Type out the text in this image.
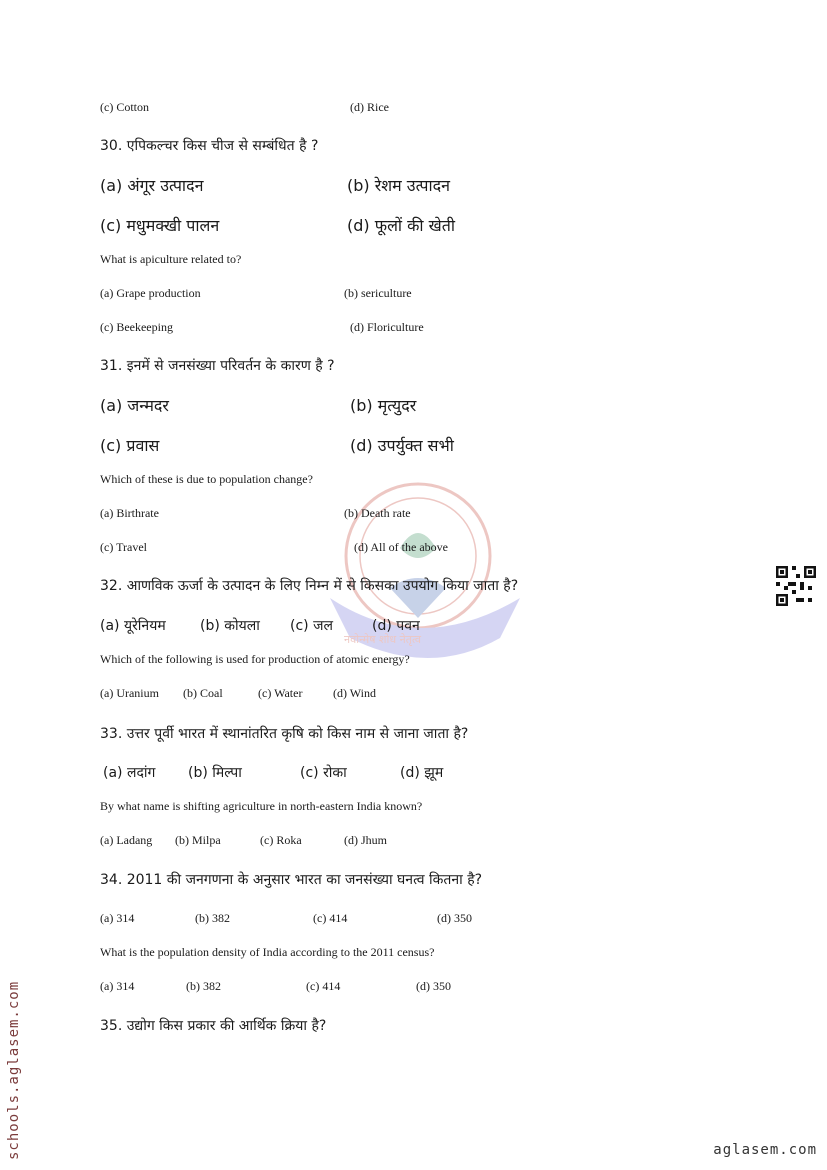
नवोन्मेष शोध नेतृत्व
(c) Cotton	(d) Rice
30. एपिकल्चर किस चीज से सम्बंधित है ?
(a) अंगूर उत्पादन	(b) रेशम उत्पादन
(c) मधुमक्खी पालन	(d) फूलों की खेती
What is apiculture related to?
(a) Grape production	(b) sericulture
(c) Beekeeping	(d) Floriculture
31. इनमें से जनसंख्या परिवर्तन के कारण है ?
(a) जन्मदर	(b) मृत्युदर
(c) प्रवास	(d) उपर्युक्त सभी
Which of these is due to population change?
(a) Birthrate	(b) Death rate
(c) Travel	(d) All of the above
32. आणविक ऊर्जा के उत्पादन के लिए निम्न में से किसका उपयोग किया जाता है?
(a) यूरेनियम (b) कोयला (c) जल	(d) पवन
Which of the following is used for production of atomic energy?
(a) Uranium (b) Coal	(c) Water	(d) Wind
33. उत्तर पूर्वी भारत में स्थानांतरित कृषि को किस नाम से जाना जाता है?
(a) लदांग (b) मिल्पा	(c) रोका	(d) झूम
By what name is shifting agriculture in north-eastern India known?
(a) Ladang (b) Milpa	(c) Roka	(d) Jhum
34. 2011 की जनगणना के अनुसार भारत का जनसंख्या घनत्व कितना है?
(a) 314	(b) 382	(c) 414	(d) 350
What is the population density of India according to the 2011 census?
(a) 314	(b) 382	(c) 414	(d) 350
35. उद्योग किस प्रकार की आर्थिक क्रिया है?
schools.aglasem.com	aglasem.com
